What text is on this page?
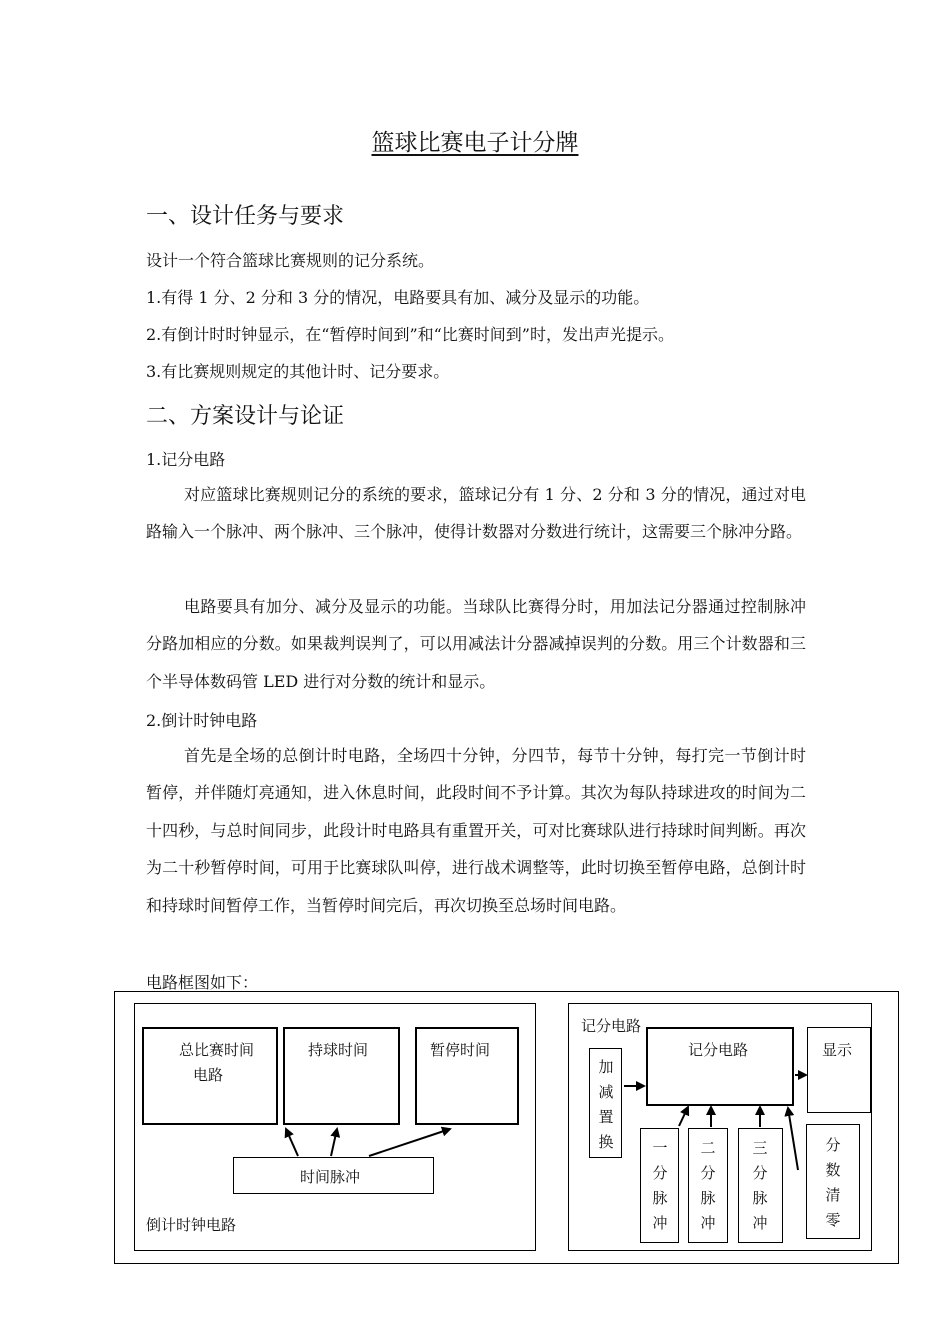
篮球比赛电子计分牌
一、设计任务与要求
设计一个符合篮球比赛规则的记分系统。
1.有得 1 分、2 分和 3 分的情况，电路要具有加、减分及显示的功能。
2.有倒计时时钟显示，在“暂停时间到”和“比赛时间到”时，发出声光提示。
3.有比赛规则规定的其他计时、记分要求。
二、方案设计与论证
1.记分电路
对应篮球比赛规则记分的系统的要求，篮球记分有 1 分、2 分和 3 分的情况，通过对电路输入一个脉冲、两个脉冲、三个脉冲，使得计数器对分数进行统计，这需要三个脉冲分路。
电路要具有加分、减分及显示的功能。当球队比赛得分时，用加法记分器通过控制脉冲分路加相应的分数。如果裁判误判了，可以用减法计分器减掉误判的分数。用三个计数器和三个半导体数码管 LED 进行对分数的统计和显示。
2.倒计时钟电路
首先是全场的总倒计时电路，全场四十分钟，分四节，每节十分钟，每打完一节倒计时暂停，并伴随灯亮通知，进入休息时间，此段时间不予计算。其次为每队持球进攻的时间为二十四秒，与总时间同步，此段计时电路具有重置开关，可对比赛球队进行持球时间判断。再次为二十秒暂停时间，可用于比赛球队叫停，进行战术调整等，此时切换至暂停电路，总倒计时和持球时间暂停工作，当暂停时间完后，再次切换至总场时间电路。
电路框图如下：
总比赛时间
电路
持球时间	暂停时间
时间脉冲
倒计时钟电路
记分电路
加减置换
记分电路	显示
一分脉冲
二分脉冲
三分脉冲
分数清零
